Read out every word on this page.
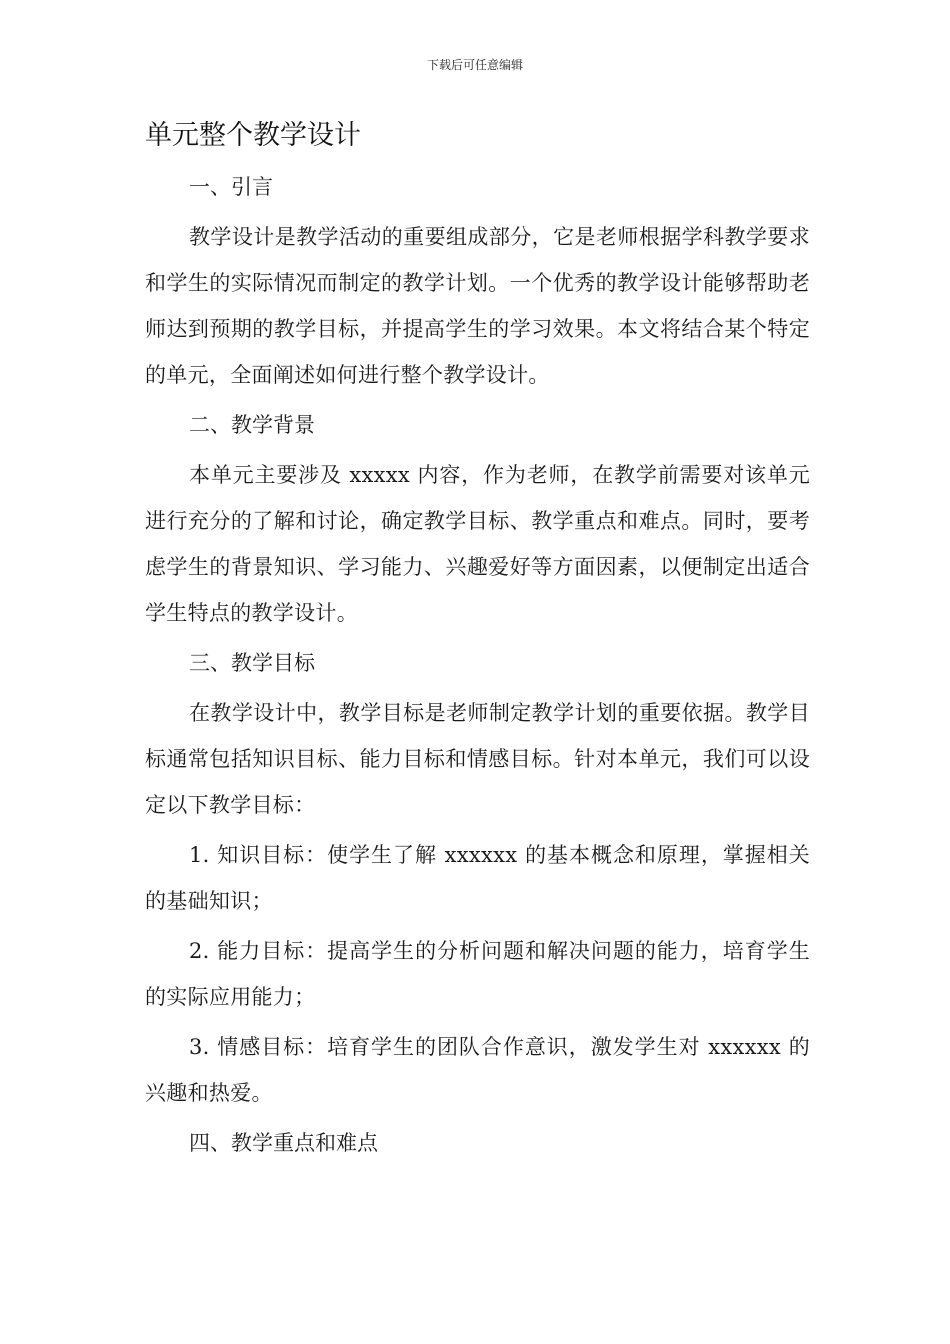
下载后可任意编辑
单元整个教学设计

一、引言

教学设计是教学活动的重要组成部分，它是老师根据学科教学要求和学生的实际情况而制定的教学计划。一个优秀的教学设计能够帮助老师达到预期的教学目标，并提高学生的学习效果。本文将结合某个特定的单元，全面阐述如何进行整个教学设计。

二、教学背景

本单元主要涉及 xxxxx 内容，作为老师，在教学前需要对该单元进行充分的了解和讨论，确定教学目标、教学重点和难点。同时，要考虑学生的背景知识、学习能力、兴趣爱好等方面因素，以便制定出适合学生特点的教学设计。

三、教学目标

在教学设计中，教学目标是老师制定教学计划的重要依据。教学目标通常包括知识目标、能力目标和情感目标。针对本单元，我们可以设定以下教学目标：

1. 知识目标：使学生了解 xxxxxx 的基本概念和原理，掌握相关的基础知识；

2. 能力目标：提高学生的分析问题和解决问题的能力，培育学生的实际应用能力；

3. 情感目标：培育学生的团队合作意识，激发学生对 xxxxxx 的兴趣和热爱。

四、教学重点和难点
